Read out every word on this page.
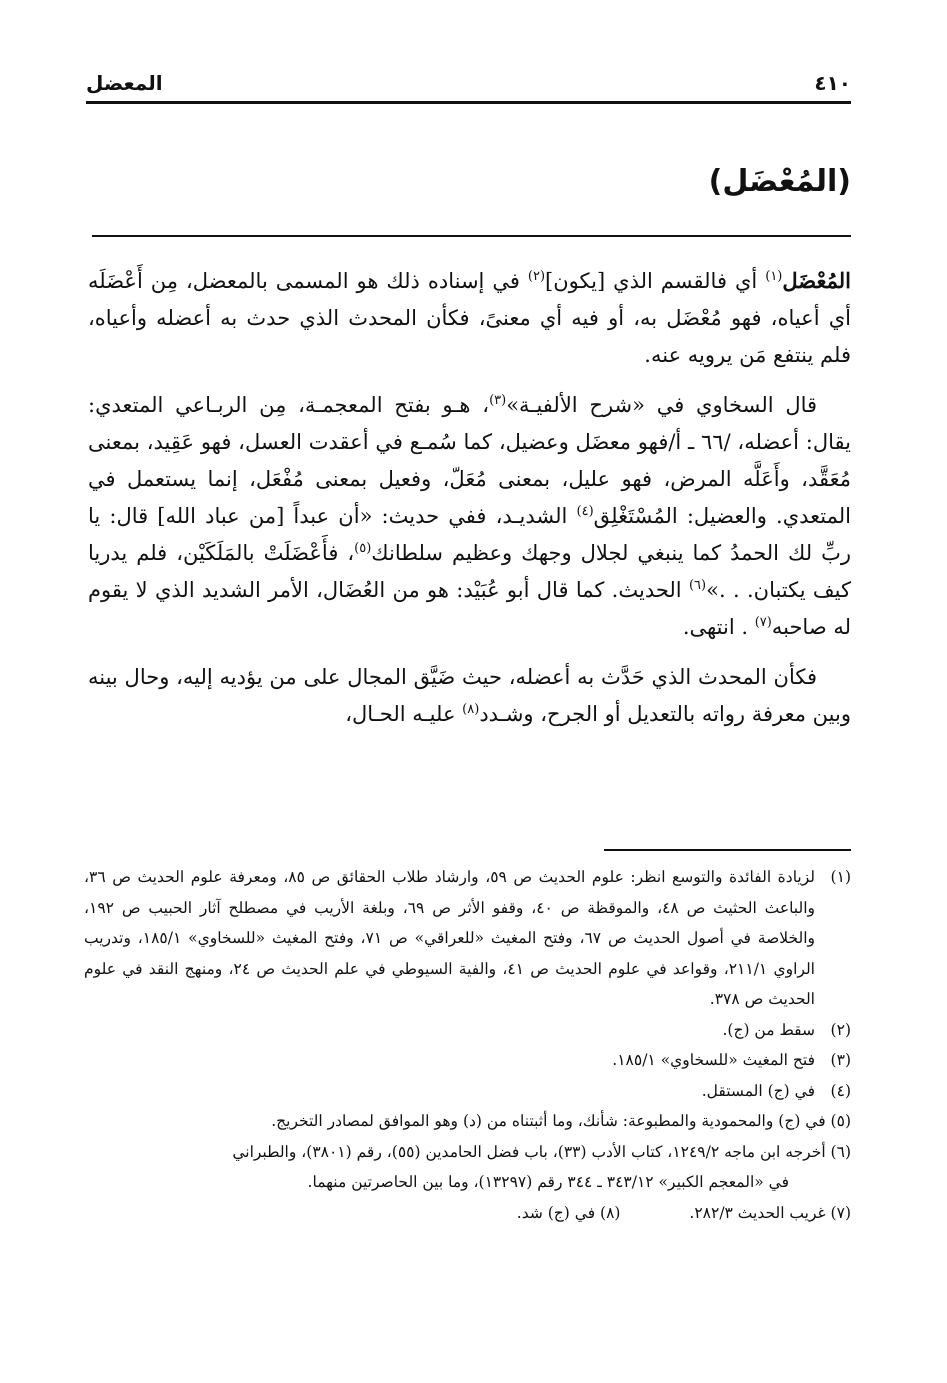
٤١٠
المعضل
(المُعْضَل)

المُعْضَل$^{(١)}$ أي فالقسم الذي [يكون]$^{(٢)}$ في إسناده ذلك هو المسمى بالمعضل، مِن أَعْضَلَه أي أعياه، فهو مُعْضَل به، أو فيه أي معنىً، فكأن المحدث الذي حدث به أعضله وأعياه، فلم ينتفع مَن يرويه عنه.

قال السخاوي في «شرح الألفيـة»$^{(٣)}$، هـو بفتح المعجمـة، مِن الربـاعي المتعدي: يقال: أعضله، /٦٦ ـ أ/فهو معضَل وعضيل، كما سُمـع في أعقدت العسل، فهو عَقِيد، بمعنى مُعَقَّد، وأَعَلَّه المرض، فهو عليل، بمعنى مُعَلّ، وفعيل بمعنى مُفْعَل، إنما يستعمل في المتعدي. والعضيل: المُسْتَغْلِق$^{(٤)}$ الشديـد، ففي حديث: «أن عبداً [من عباد الله] قال: يا ربِّ لك الحمدُ كما ينبغي لجلال وجهك وعظيم سلطانك$^{(٥)}$، فأَعْضَلَتْ بالمَلَكَيْن، فلم يدريا كيف يكتبان. . .»$^{(٦)}$ الحديث. كما قال أبو عُبَيْد: هو من العُضَال، الأمر الشديد الذي لا يقوم له صاحبه$^{(٧)}$ . انتهى.

فكأن المحدث الذي حَدَّث به أعضله، حيث ضَيَّق المجال على من يؤديه إليه، وحال بينه وبين معرفة رواته بالتعديل أو الجرح، وشـدد$^{(٨)}$ عليـه الحـال،

(١)
لزيادة الفائدة والتوسع انظر: علوم الحديث ص ٥٩، وارشاد طلاب الحقائق ص ٨٥، ومعرفة علوم الحديث ص ٣٦، والباعث الحثيث ص ٤٨، والموقظة ص ٤٠، وقفو الأثر ص ٦٩، وبلغة الأريب في مصطلح آثار الحبيب ص ١٩٢، والخلاصة في أصول الحديث ص ٦٧، وفتح المغيث «للعراقي» ص ٧١، وفتح المغيث «للسخاوي» ١٨٥/١، وتدريب الراوي ٢١١/١، وقواعد في علوم الحديث ص ٤١، والفية السيوطي في علم الحديث ص ٢٤، ومنهج النقد في علوم الحديث ص ٣٧٨.
(٢)
سقط من (ج).
(٣)
فتح المغيث «للسخاوي» ١٨٥/١.
(٤)
في (ج) المستقل.
(٥) في (ج) والمحمودية والمطبوعة: شأنك، وما أثبتناه من (د) وهو الموافق لمصادر التخريج.
(٦) أخرجه ابن ماجه ١٢٤٩/٢، كتاب الأدب (٣٣)، باب فضل الحامدين (٥٥)، رقم (٣٨٠١)، والطبراني
في «المعجم الكبير» ٣٤٣/١٢ ـ ٣٤٤ رقم (١٣٢٩٧)، وما بين الحاصرتين منهما.
(٧) غريب الحديث ٢٨٢/٣. (٨) في (ج) شد.
